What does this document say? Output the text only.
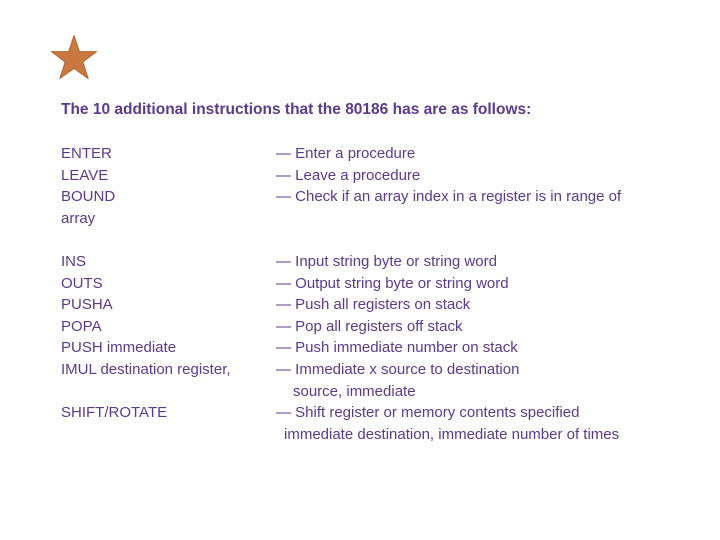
The 10 additional instructions that the 80186 has are as follows:
ENTER
LEAVE
BOUND
array
INS
OUTS
PUSHA
POPA
PUSH immediate
IMUL destination register,
SHIFT/ROTATE
— Enter a procedure
— Leave a procedure
— Check if an array index in a register is in range of
— Input string byte or string word
— Output string byte or string word
— Push all registers on stack
— Pop all registers off stack
— Push immediate number on stack
— Immediate x source to destination
source, immediate
— Shift register or memory contents specified
immediate destination, immediate number of times
